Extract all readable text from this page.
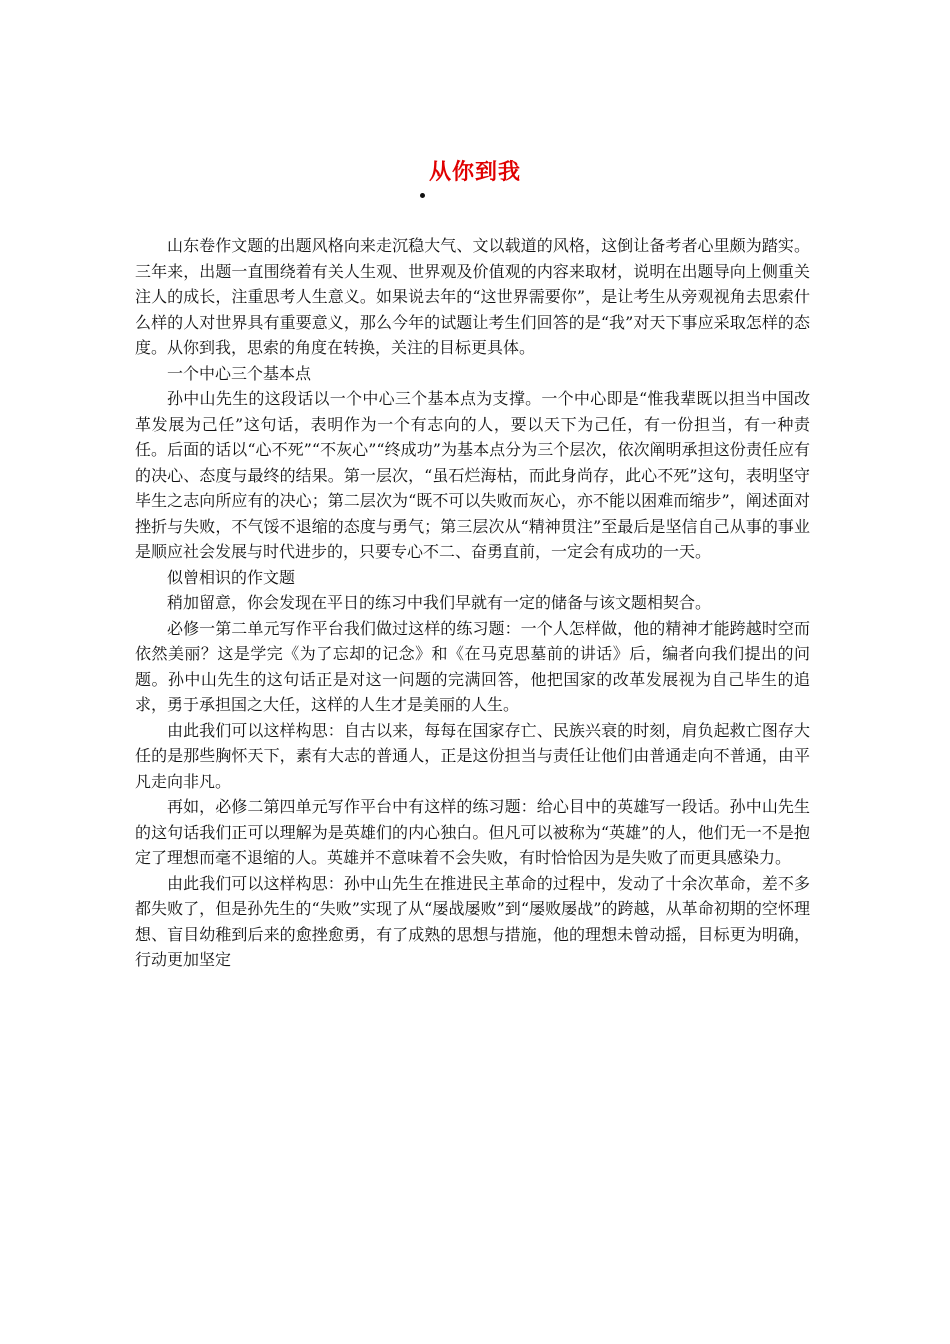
从你到我

山东卷作文题的出题风格向来走沉稳大气、文以载道的风格，这倒让备考者心里颇为踏实。三年来，出题一直围绕着有关人生观、世界观及价值观的内容来取材，说明在出题导向上侧重关注人的成长，注重思考人生意义。如果说去年的“这世界需要你”，是让考生从旁观视角去思索什么样的人对世界具有重要意义，那么今年的试题让考生们回答的是“我”对天下事应采取怎样的态度。从你到我，思索的角度在转换，关注的目标更具体。

一个中心三个基本点

孙中山先生的这段话以一个中心三个基本点为支撑。一个中心即是“惟我辈既以担当中国改革发展为己任”这句话，表明作为一个有志向的人，要以天下为己任，有一份担当，有一种责任。后面的话以“心不死”“不灰心”“终成功”为基本点分为三个层次，依次阐明承担这份责任应有的决心、态度与最终的结果。第一层次，“虽石烂海枯，而此身尚存，此心不死”这句，表明坚守毕生之志向所应有的决心；第二层次为“既不可以失败而灰心，亦不能以困难而缩步”，阐述面对挫折与失败，不气馁不退缩的态度与勇气；第三层次从“精神贯注”至最后是坚信自己从事的事业是顺应社会发展与时代进步的，只要专心不二、奋勇直前，一定会有成功的一天。

似曾相识的作文题

稍加留意，你会发现在平日的练习中我们早就有一定的储备与该文题相契合。

必修一第二单元写作平台我们做过这样的练习题：一个人怎样做，他的精神才能跨越时空而依然美丽？这是学完《为了忘却的记念》和《在马克思墓前的讲话》后，编者向我们提出的问题。孙中山先生的这句话正是对这一问题的完满回答，他把国家的改革发展视为自己毕生的追求，勇于承担国之大任，这样的人生才是美丽的人生。

由此我们可以这样构思：自古以来，每每在国家存亡、民族兴衰的时刻，肩负起救亡图存大任的是那些胸怀天下，素有大志的普通人，正是这份担当与责任让他们由普通走向不普通，由平凡走向非凡。

再如，必修二第四单元写作平台中有这样的练习题：给心目中的英雄写一段话。孙中山先生的这句话我们正可以理解为是英雄们的内心独白。但凡可以被称为“英雄”的人，他们无一不是抱定了理想而毫不退缩的人。英雄并不意味着不会失败，有时恰恰因为是失败了而更具感染力。

由此我们可以这样构思：孙中山先生在推进民主革命的过程中，发动了十余次革命，差不多都失败了，但是孙先生的“失败”实现了从“屡战屡败”到“屡败屡战”的跨越，从革命初期的空怀理想、盲目幼稚到后来的愈挫愈勇，有了成熟的思想与措施，他的理想未曾动摇，目标更为明确，行动更加坚定
